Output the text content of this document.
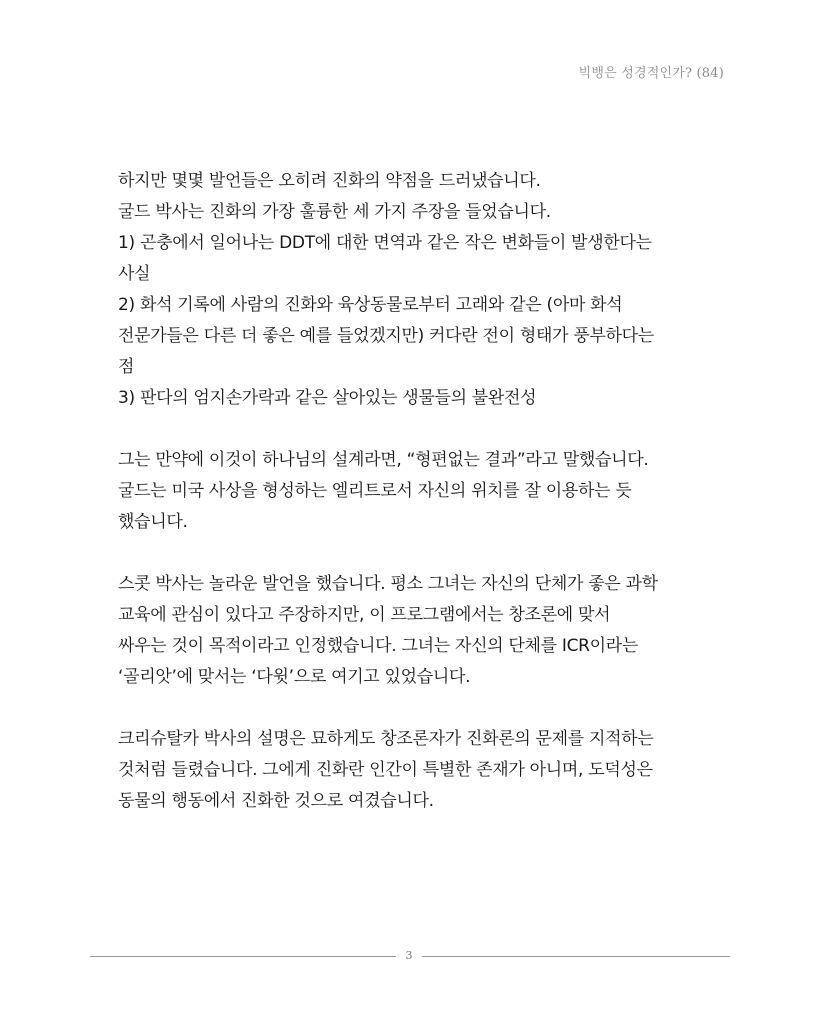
빅뱅은 성경적인가? (84)

하지만 몇몇 발언들은 오히려 진화의 약점을 드러냈습니다.
굴드 박사는 진화의 가장 훌륭한 세 가지 주장을 들었습니다.
1) 곤충에서 일어나는 DDT에 대한 면역과 같은 작은 변화들이 발생한다는
사실
2) 화석 기록에 사람의 진화와 육상동물로부터 고래와 같은 (아마 화석
전문가들은 다른 더 좋은 예를 들었겠지만) 커다란 전이 형태가 풍부하다는
점
3) 판다의 엄지손가락과 같은 살아있는 생물들의 불완전성

그는 만약에 이것이 하나님의 설계라면, “형편없는 결과”라고 말했습니다.
굴드는 미국 사상을 형성하는 엘리트로서 자신의 위치를 잘 이용하는 듯
했습니다.

스콧 박사는 놀라운 발언을 했습니다. 평소 그녀는 자신의 단체가 좋은 과학
교육에 관심이 있다고 주장하지만, 이 프로그램에서는 창조론에 맞서
싸우는 것이 목적이라고 인정했습니다. 그녀는 자신의 단체를 ICR이라는
‘골리앗’에 맞서는 ‘다윗’으로 여기고 있었습니다.

크리슈탈카 박사의 설명은 묘하게도 창조론자가 진화론의 문제를 지적하는
것처럼 들렸습니다. 그에게 진화란 인간이 특별한 존재가 아니며, 도덕성은
동물의 행동에서 진화한 것으로 여겼습니다.

3
